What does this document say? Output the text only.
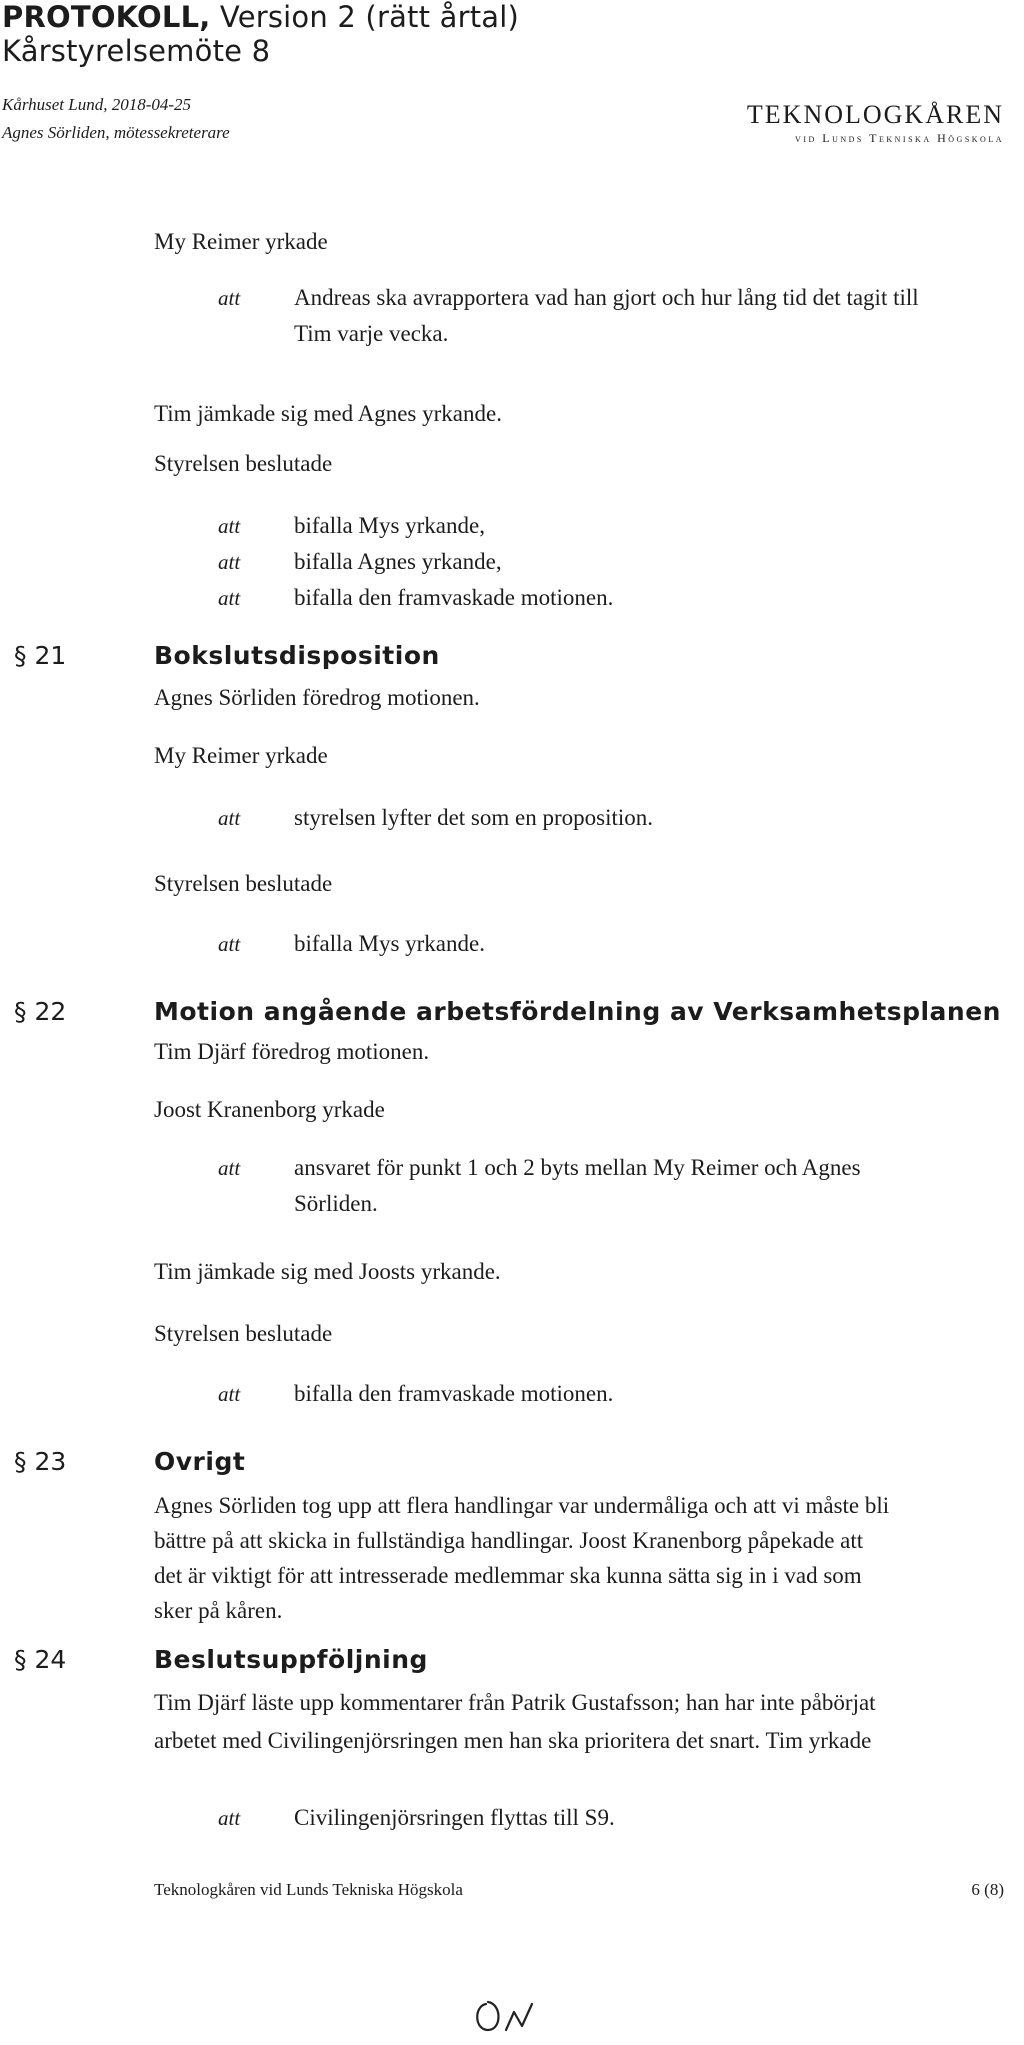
PROTOKOLL, Version 2 (rätt årtal)
Kårstyrelsemöte 8
Kårhuset Lund, 2018-04-25
Agnes Sörliden, mötessekreterare
TEKNOLOGKÅREN
vid Lunds Tekniska Högskola
My Reimer yrkade
att Andreas ska avrapportera vad han gjort och hur lång tid det tagit till
Tim varje vecka.
Tim jämkade sig med Agnes yrkande.
Styrelsen beslutade
att bifalla Mys yrkande,
att bifalla Agnes yrkande,
att bifalla den framvaskade motionen.
§ 21	Bokslutsdisposition
Agnes Sörliden föredrog motionen.
My Reimer yrkade
att styrelsen lyfter det som en proposition.
Styrelsen beslutade
att bifalla Mys yrkande.
§ 22	Motion angående arbetsfördelning av Verksamhetsplanen
Tim Djärf föredrog motionen.
Joost Kranenborg yrkade
att ansvaret för punkt 1 och 2 byts mellan My Reimer och Agnes
Sörliden.
Tim jämkade sig med Joosts yrkande.
Styrelsen beslutade
att bifalla den framvaskade motionen.
§ 23	Ovrigt
Agnes Sörliden tog upp att flera handlingar var undermåliga och att vi måste bli
bättre på att skicka in fullständiga handlingar. Joost Kranenborg påpekade att
det är viktigt för att intresserade medlemmar ska kunna sätta sig in i vad som
sker på kåren.
§ 24	Beslutsuppföljning
Tim Djärf läste upp kommentarer från Patrik Gustafsson; han har inte påbörjat
arbetet med Civilingenjörsringen men han ska prioritera det snart. Tim yrkade
att Civilingenjörsringen flyttas till S9.
Teknologkåren vid Lunds Tekniska Högskola	6 (8)
